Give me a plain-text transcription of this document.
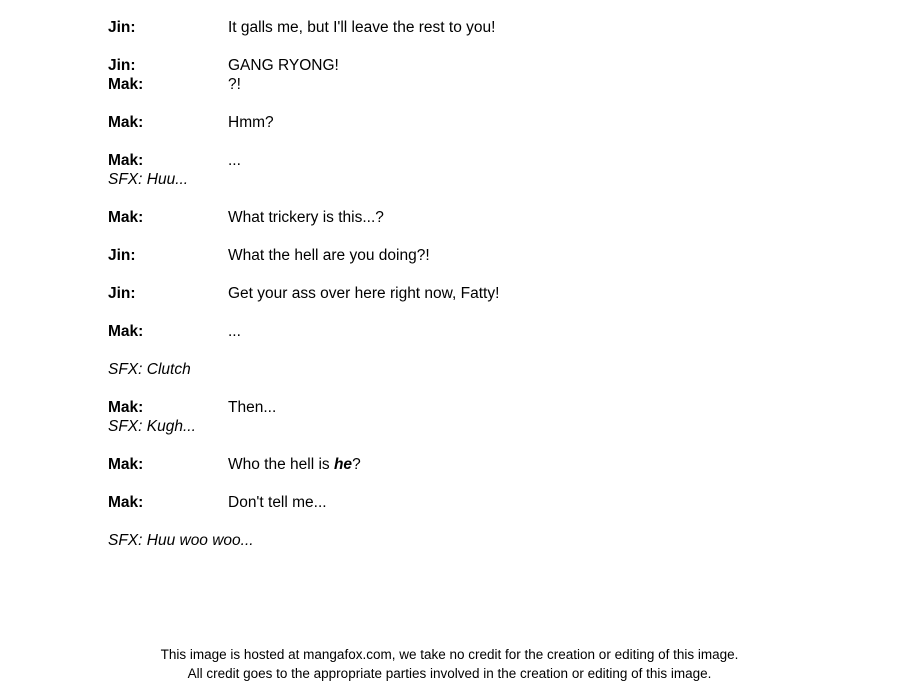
Jin:	It galls me, but I'll leave the rest to you!
Jin:	GANG RYONG!
Mak:	?!
Mak:	Hmm?
Mak:	...
SFX: Huu...
Mak:	What trickery is this...?
Jin:	What the hell are you doing?!
Jin:	Get your ass over here right now, Fatty!
Mak:	...
SFX: Clutch
Mak:	Then...
SFX: Kugh...
Mak:	Who the hell is he?
Mak:	Don't tell me...
SFX: Huu woo woo...
This image is hosted at mangafox.com, we take no credit for the creation or editing of this image.
All credit goes to the appropriate parties involved in the creation or editing of this image.
